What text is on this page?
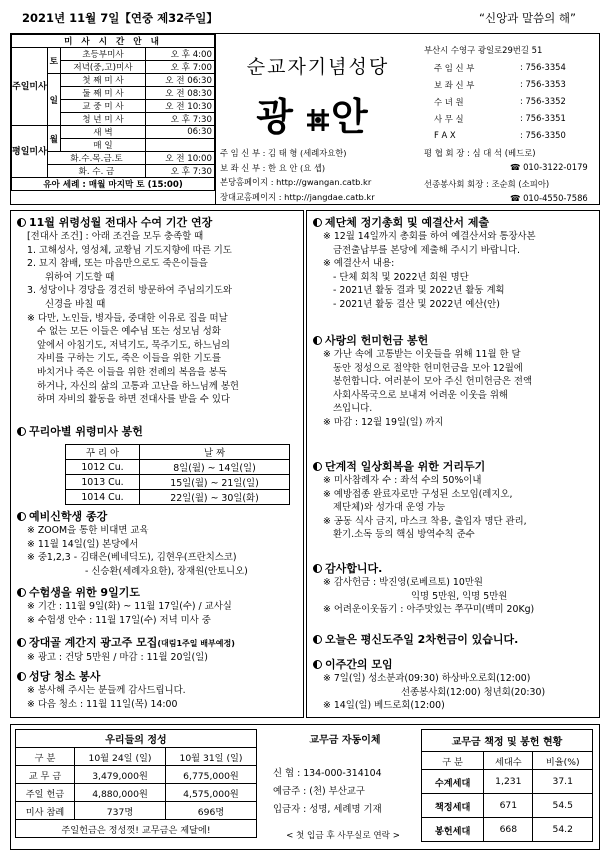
2021년 11월 7일【연중 제32주일】	“신앙과 말씀의 해”
미 사 시 간 안 내			
주일미사	토	초등부미사	오 후 4:00
		저녁(중,고)미사	오 후 7:00
	일	첫 째 미 사	오 전 06:30
		둘 째 미 사	오 전 08:30
		교 중 미 사	오 전 10:30
		청 년 미 사	오 후 7:30
평일미사	월	새 벽	06:30
		매 일	
	화.수.목.금.토		오 전 10:00
	화. 수. 금		오 후 7:30
유아 세례 : 매월 마지막 토 (15:00)			
순교자기념성당
광 안
주 임 신 부 : 김 태 형 (세례자요한)
보 좌 신 부 : 한 요 안 (요 셉)
본당홈페이지 : http://gwangan.catb.kr
장대교홈페이지 : http://jangdae.catb.kr
부산시 수영구 광일로29번길 51
주 임 신 부	: 756-3354
보 좌 신 부	: 756-3353
수 녀 원	: 756-3352
사 무 실	: 756-3351
F A X	: 756-3350
평 협 회 장 : 심 대 석 (베드로)
☎ 010-3122-0179
선종봉사회 회장 : 조순희 (소피아)
☎ 010-4550-7586
11월 위령성월 전대사 수여 기간 연장
[전대사 조건] : 아래 조건을 모두 충족할 때
1. 고해성사, 영성체, 교황님 기도지향에 따른 기도
2. 묘지 참배, 또는 마음만으로도 죽은이들을
위하여 기도할 때
3. 성당이나 경당을 경건히 방문하여 주님의기도와
신경을 바칠 때
※ 다만, 노인들, 병자들, 중대한 이유로 집을 떠날
수 없는 모든 이들은 예수님 또는 성모님 성화
앞에서 아침기도, 저녁기도, 묵주기도, 하느님의
자비를 구하는 기도, 죽은 이들을 위한 기도를
바치거나 죽은 이들을 위한 전례의 복음을 봉독
하거나, 자신의 삶의 고통과 고난을 하느님께 봉헌
하며 자비의 활동을 하면 전대사를 받을 수 있다
꾸리아별 위령미사 봉헌
꾸 리 아	날 짜
1012 Cu.	8일(월) ~ 14일(일)
1013 Cu.	15일(월) ~ 21일(일)
1014 Cu.	22일(월) ~ 30일(화)
예비신학생 종강
※ ZOOM을 통한 비대면 교육
※ 11월 14일(일) 본당에서
※ 중1,2,3 - 김태은(베네딕도), 김현우(프란치스코)
- 신승환(세례자요한), 장재원(안토니오)
수험생을 위한 9일기도
※ 기간 : 11월 9일(화) ~ 11월 17일(수) / 교사실
※ 수험생 안수 : 11월 17일(수) 저녁 미사 중
장대골 계간지 광고주 모집(대림1주일 배부예정)
※ 광고 : 건당 5만원 / 마감 : 11월 20일(일)
성당 청소 봉사
※ 봉사해 주시는 분들께 감사드립니다.
※ 다음 청소 : 11월 11일(목) 14:00
제단체 정기총회 및 예결산서 제출
※ 12월 14일까지 총회를 하여 예결산서와 통장사본
금전출납부를 본당에 제출해 주시기 바랍니다.
※ 예결산서 내용:
- 단체 회칙 및 2022년 회원 명단
- 2021년 활동 결과 및 2022년 활동 계획
- 2021년 활동 결산 및 2022년 예산(안)
사랑의 헌미헌금 봉헌
※ 가난 속에 고통받는 이웃들을 위해 11월 한 달
동안 정성으로 절약한 헌미헌금을 모아 12월에
봉헌합니다. 여러분이 모아 주신 헌미헌금은 전액
사회사목국으로 보내져 어려운 이웃을 위해
쓰입니다.
※ 마감 : 12월 19일(일) 까지
단계적 일상회복을 위한 거리두기
※ 미사참례자 수 : 좌석 수의 50%이내
※ 예방접종 완료자로만 구성된 소모임(레지오,
제단체)와 성가대 운영 가능
※ 공동 식사 금지, 마스크 착용, 출입자 명단 관리,
환기.소독 등의 핵심 방역수칙 준수
감사합니다.
※ 감사헌금 : 박진영(로베르토) 10만원
익명 5만원, 익명 5만원
※ 어려운이웃돕기 : 아주맛있는 쭈꾸미(백미 20Kg)
오늘은 평신도주일 2차헌금이 있습니다.
이주간의 모임
※ 7일(일) 성소분과(09:30) 하상바오로회(12:00)
선종봉사회(12:00) 청년회(20:30)
※ 14일(일) 베드로회(12:00)
우리들의 정성		
구 분	10월 24일 (일)	10월 31일 (일)
교 무 금	3,479,000원	6,775,000원
주일 헌금	4,880,000원	4,575,000원
미사 참례	737명	696명
주일헌금은 정성껏! 교무금은 제달에!		
교무금 자동이체
신 협 : 134-000-314104
예금주 : (천) 부산교구
입금자 : 성명, 세례명 기재
< 첫 입금 후 사무실로 연락 >
교무금 책정 및 봉헌 현황		
구 분	세대수	비율(%)
수계세대	1,231	37.1
책정세대	671	54.5
봉헌세대	668	54.2
